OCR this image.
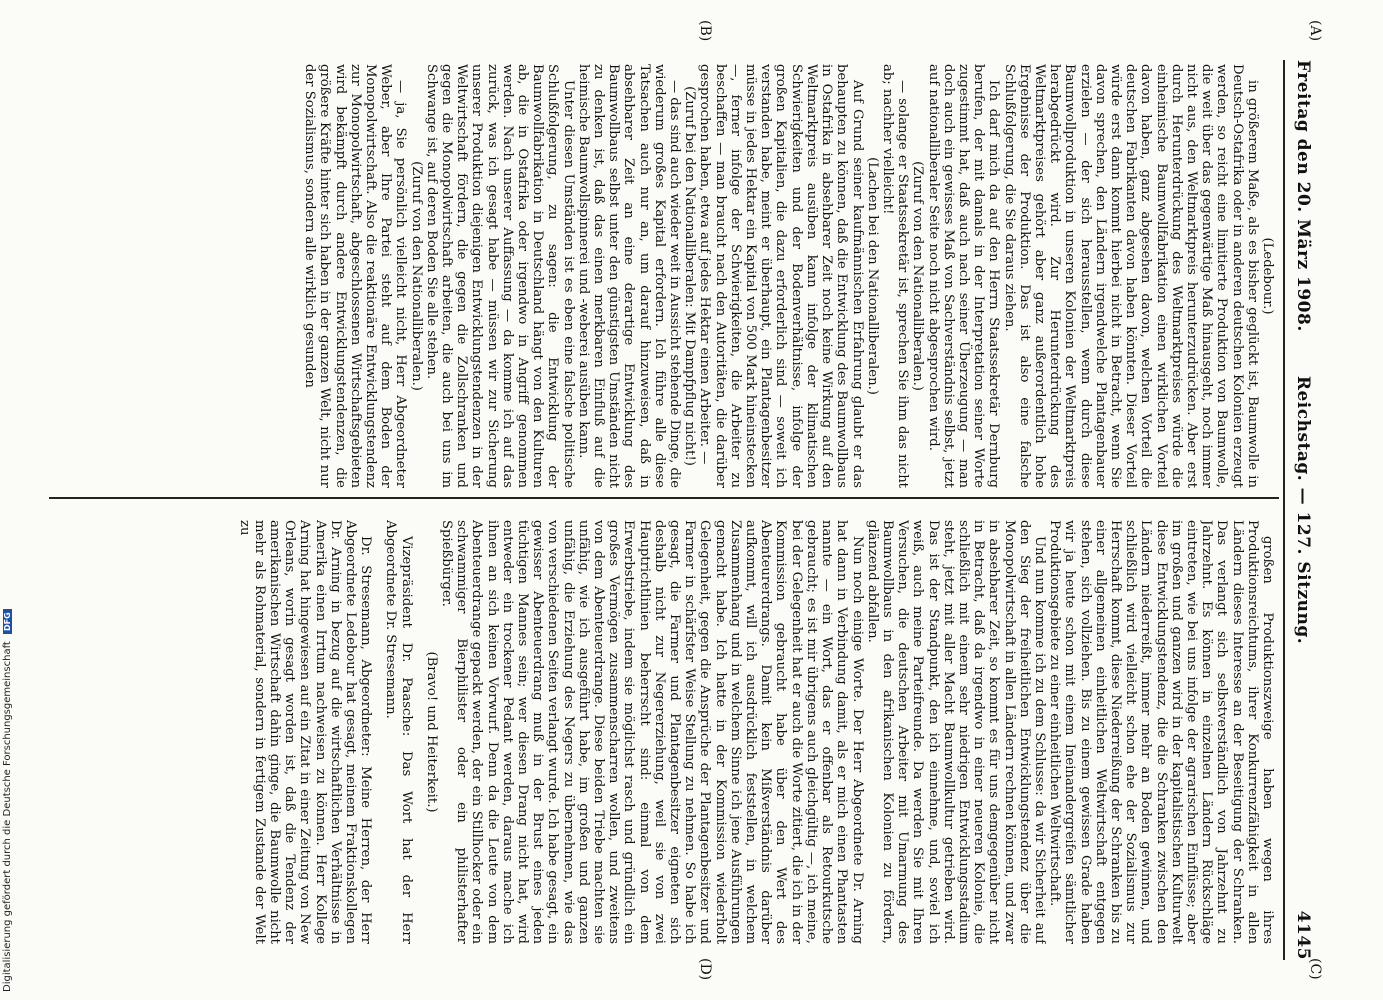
Freitag den 20. März 1908.
Reichstag. — 127. Sitzung.
4145
(A)
(B)
(C)
(D)

großen Produktionszweige haben wegen ihres Produktionsreichtums, ihrer Konkurrenzfähigkeit in allen Ländern dieses Interesse an der Beseitigung der Schranken. Das verlangt sich selbstverständlich von Jahrzehnt zu Jahrzehnt. Es können in einzelnen Ländern Rückschläge eintreten, wie bei uns infolge der agrarischen Einflüsse; aber im großen und ganzen wird in der kapitalistischen Kulturwelt diese Entwicklungstendenz, die die Schranken zwischen den Ländern niederreißt, immer mehr an Boden gewinnen, und schließlich wird vielleicht schon ehe der Sozialismus zur Herrschaft kommt, diese Niederreißung der Schranken bis zu einer allgemeinen einheitlichen Weltwirtschaft entgegen stehen, sich vollziehen. Bis zu einem gewissen Grade haben wir ja heute schon mit einem Ineinandergreifen sämtlicher Produktionsgebiete zu einer einheitlichen Weltwirtschaft.

Und nun komme ich zu dem Schlusse: da wir Sicherheit auf den Sieg der freiheitlichen Entwicklungstendenz über die Monopolwirtschaft in allen Ländern rechnen können, und zwar in absehbarer Zeit, so kommt es für uns demgegenüber nicht in Betracht, daß da irgendwo in einer neueren Kolonie, die schließlich mit einem sehr niedrigen Entwicklungsstadium steht, jetzt mit aller Macht Baumwollkultur getrieben wird. Das ist der Standpunkt, den ich einnehme, und, soviel ich weiß, auch meine Parteifreunde. Da werden Sie mit Ihren Versuchen, die deutschen Arbeiter mit Umarmung des Baumwollbaus in den afrikanischen Kolonien zu fördern, glänzend abfallen.

Nun noch einige Worte. Der Herr Abgeordnete Dr. Arning hat dann in Verbindung damit, als er mich einen Phantasten nannte — ein Wort, das er offenbar als Retourkutsche gebraucht; es ist mir übrigens auch gleichgültig —, ich meine, bei der Gelegenheit hat er auch die Worte zitiert, die ich in der Kommission gebraucht habe über den Wert des Abenteurerdrangs. Damit kein Mißverständnis darüber aufkommt, will ich ausdrücklich feststellen, in welchem Zusammenhang und in welchem Sinne ich jene Ausführungen gemacht habe. Ich hatte in der Kommission wiederholt Gelegenheit, gegen die Ansprüche der Plantagenbesitzer und Farmer in schärfster Weise Stellung zu nehmen. So habe ich gesagt, die Farmer und Plantagenbesitzer eigneten sich deshalb nicht zur Negererziehung, weil sie von zwei Hauptrichtlinien beherrscht sind: einmal von dem Erwerbstriebe, indem sie möglichst rasch und gründlich ein großes Vermögen zusammenscharren wollen, und zweitens von dem Abenteuerdrange. Diese beiden Triebe machten sie unfähig, wie ich ausgeführt habe, im großen und ganzen unfähig, die Erziehung des Negers zu übernehmen, wie das von verschiedenen Seiten verlangt wurde. Ich habe gesagt, ein gewisser Abenteuerdrang muß in der Brust eines jeden tüchtigen Mannes sein; wer diesen Drang nicht hat, wird entweder ein trockener Pedant werden, daraus mache ich ihnen an sich keinen Vorwurf. Denn da die Leute von dem Abenteuerdrange gepackt werden, der ein Stillhocker oder ein schwammiger Bierphilister oder ein philisterhafter Spießbürger.

(Bravo! und Heiterkeit.)

Vizepräsident Dr. Paasche: Das Wort hat der Herr Abgeordnete Dr. Stresemann.

Dr. Stresemann, Abgeordneter: Meine Herren, der Herr Abgeordnete Ledebour hat gesagt, meinem Fraktionskollegen Dr. Arning in bezug auf die wirtschaftlichen Verhältnisse in Amerika einen Irrtum nachweisen zu können. Herr Kollege Arning hat hingewiesen auf ein Zitat in einer Zeitung von New Orleans, worin gesagt worden ist, daß die Tendenz der amerikanischen Wirtschaft dahin ginge, die Baumwolle nicht mehr als Rohmaterial, sondern in fertigem Zustande der Welt zu

(Ledebour.)

in größerem Maße, als es bisher geglückt ist, Baumwolle in Deutsch-Ostafrika oder in anderen deutschen Kolonien erzeugt werden, so reicht eine limitierte Produktion von Baumwolle, die weit über das gegenwärtige Maß hinausgeht, noch immer nicht aus, den Weltmarktpreis herunterzudrücken. Aber erst durch Herunterdrückung des Weltmarktpreises würde die einheimische Baumwollfabrikation einen wirklichen Vorteil davon haben, ganz abgesehen davon, welchen Vorteil die deutschen Fabrikanten davon haben könnten. Dieser Vorteil würde erst dann kommt hierbei nicht in Betracht, wenn Sie davon sprechen, den Ländern irgendwelche Plantagenbauer erzielen — der sich herausstellen, wenn durch diese Baumwollproduktion in unseren Kolonien der Weltmarktpreis herabgedrückt wird. Zur Herunterdrückung des Weltmarktpreises gehört aber ganz außerordentlich hohe Ergebnisse der Produktion. Das ist also eine falsche Schlußfolgerung, die Sie daraus ziehen.

Ich darf mich da auf den Herrn Staatssekretär Dernburg berufen, der mit damals in der Interpretation seiner Worte zugestimmt hat, daß auch nach seiner Überzeugung — man doch auch ein gewisses Maß von Sachverständnis selbst, jetzt auf nationalliberaler Seite noch nicht abgesprochen wird.

(Zuruf von den Nationalliberalen.)

— solange er Staatssekretär ist, sprechen Sie ihm das nicht ab; nachher vielleicht!

(Lachen bei den Nationalliberalen.)

Auf Grund seiner kaufmännischen Erfahrung glaubt er das behaupten zu können, daß die Entwicklung des Baumwollbaus in Ostafrika in absehbarer Zeit noch keine Wirkung auf den Weltmarktpreis ausüben kann infolge der klimatischen Schwierigkeiten und der Bodenverhältnisse, infolge der großen Kapitalien, die dazu erforderlich sind — soweit ich verstanden habe, meint er überhaupt, ein Plantagenbesitzer müsse in jedes Hektar ein Kapital von 500 Mark hineinstecken —, ferner infolge der Schwierigkeiten, die Arbeiter zu beschaffen — man braucht nach den Autoritäten, die darüber gesprochen haben, etwa auf jedes Hektar einen Arbeiter. —

(Zuruf bei den Nationalliberalen: Mit Dampfpflug nicht!)

— das sind auch wieder weit in Aussicht stehende Dinge, die wiederum großes Kapital erfordern. Ich führe alle diese Tatsachen auch nur an, um darauf hinzuweisen, daß in absehbarer Zeit an eine derartige Entwicklung des Baumwollbaus selbst unter den günstigsten Umständen nicht zu denken ist, daß das einen merkbaren Einfluß auf die heimische Baumwollspinnerei und -weberei ausüben kann.

Unter diesen Umständen ist es eben eine falsche politische Schlußfolgerung, zu sagen: die Entwicklung der Baumwollfabrikation in Deutschland hängt von den Kulturen ab, die in Ostafrika oder irgendwo in Angriff genommen werden. Nach unserer Auffassung — da komme ich auf das zurück, was ich gesagt habe — müssen wir zur Sicherung unserer Produktion diejenigen Entwicklungstendenzen in der Weltwirtschaft fördern, die gegen die Zollschranken und gegen die Monopolwirtschaft arbeiten, die auch bei uns im Schwange ist, auf deren Boden Sie alle stehen.

(Zuruf von den Nationalliberalen.)

— ja, Sie persönlich vielleicht nicht, Herr Abgeordneter Weber, aber Ihre Partei steht auf dem Boden der Monopolwirtschaft. Also die reaktionäre Entwicklungstendenz zur Monopolwirtschaft, abgeschlossenen Wirtschaftsgebieten wird bekämpft durch andere Entwicklungstendenzen, die größere Kräfte hinter sich haben in der ganzen Welt, nicht nur der Sozialismus, sondern alle wirklich gesunden

Digitalisierung gefördert durch die Deutsche Forschungsgemeinschaft DFG
